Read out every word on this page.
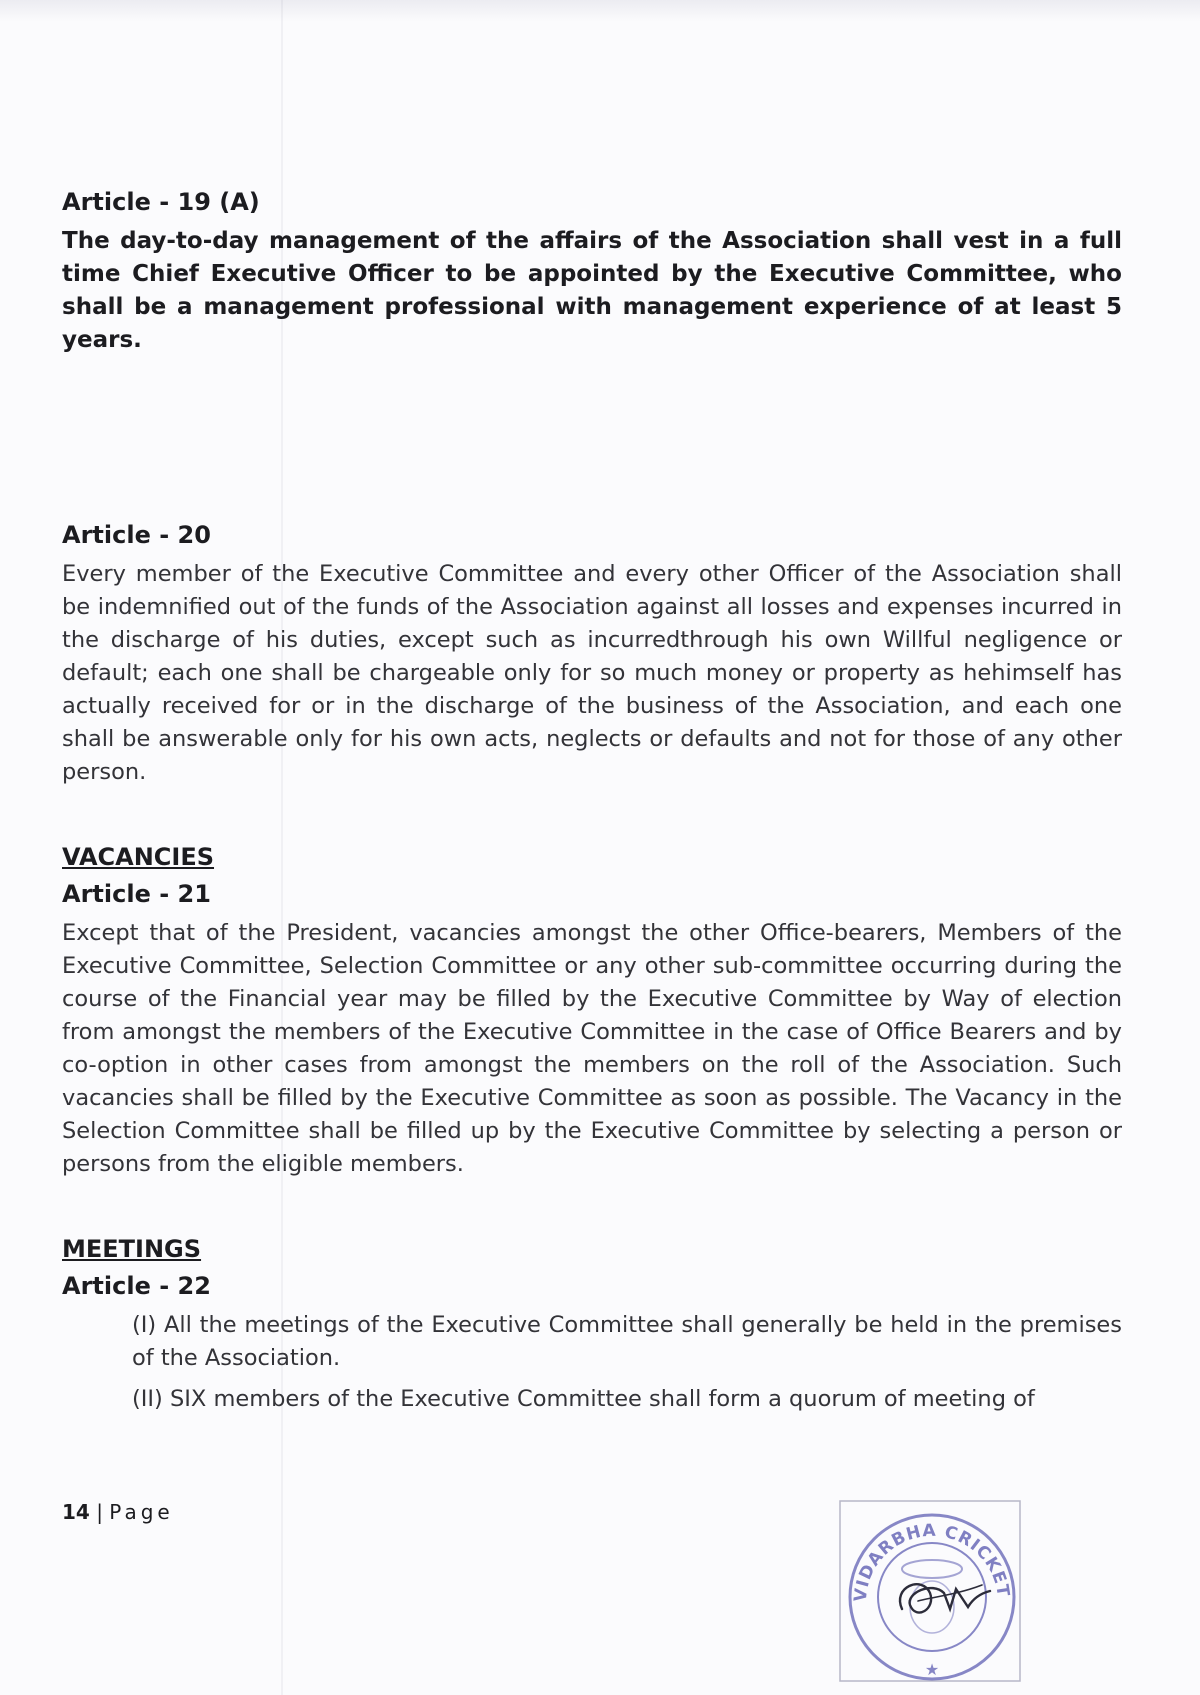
Article - 19 (A)

The day-to-day management of the affairs of the Association shall vest in a full time Chief Executive Officer to be appointed by the Executive Committee, who shall be a management professional with management experience of at least 5 years.

Article - 20

Every member of the Executive Committee and every other Officer of the Association shall be indemnified out of the funds of the Association against all losses and expenses incurred in the discharge of his duties, except such as incurredthrough his own Willful negligence or default; each one shall be chargeable only for so much money or property as hehimself has actually received for or in the discharge of the business of the Association, and each one shall be answerable only for his own acts, neglects or defaults and not for those of any other person.

VACANCIES

Article - 21

Except that of the President, vacancies amongst the other Office-bearers, Members of the Executive Committee, Selection Committee or any other sub-committee occurring during the course of the Financial year may be filled by the Executive Committee by Way of election from amongst the members of the Executive Committee in the case of Office Bearers and by co-option in other cases from amongst the members on the roll of the Association. Such vacancies shall be filled by the Executive Committee as soon as possible. The Vacancy in the Selection Committee shall be filled up by the Executive Committee by selecting a person or persons from the eligible members.

MEETINGS

Article - 22

(I) All the meetings of the Executive Committee shall generally be held in the premises of the Association.

(II) SIX members of the Executive Committee shall form a quorum of meeting of

14 | Page
VIDARBHA CRICKET
★
